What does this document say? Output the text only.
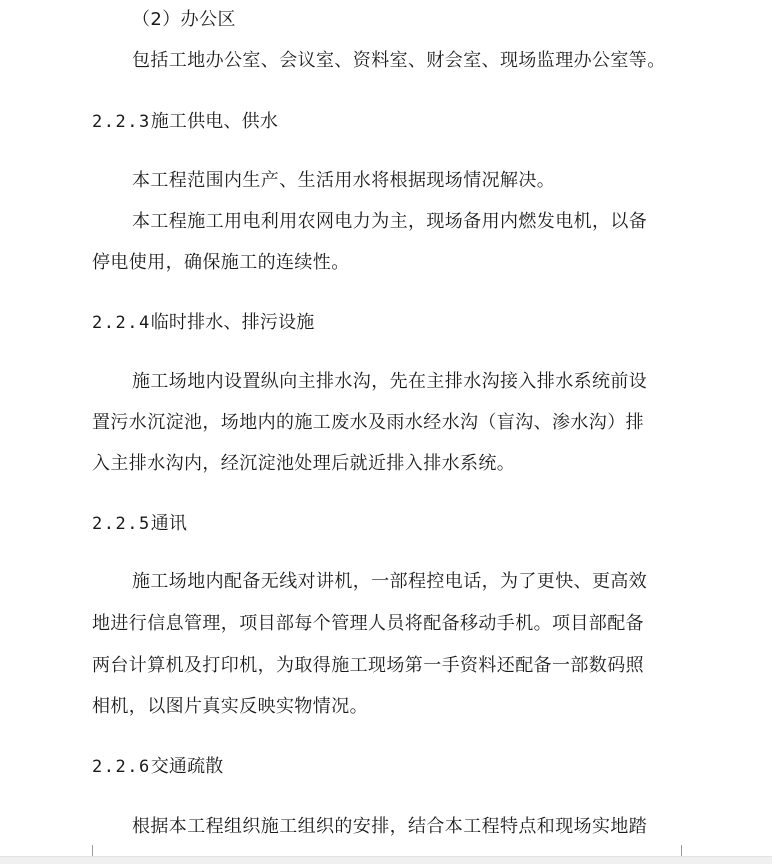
（2）办公区
包括工地办公室、会议室、资料室、财会室、现场监理办公室等。
2.2.3施工供电、供水
本工程范围内生产、生活用水将根据现场情况解决。
本工程施工用电利用农网电力为主，现场备用内燃发电机，以备
停电使用，确保施工的连续性。
2.2.4临时排水、排污设施
施工场地内设置纵向主排水沟，先在主排水沟接入排水系统前设
置污水沉淀池，场地内的施工废水及雨水经水沟（盲沟、渗水沟）排
入主排水沟内，经沉淀池处理后就近排入排水系统。
2.2.5通讯
施工场地内配备无线对讲机，一部程控电话，为了更快、更高效
地进行信息管理，项目部每个管理人员将配备移动手机。项目部配备
两台计算机及打印机，为取得施工现场第一手资料还配备一部数码照
相机，以图片真实反映实物情况。
2.2.6交通疏散
根据本工程组织施工组织的安排，结合本工程特点和现场实地踏
